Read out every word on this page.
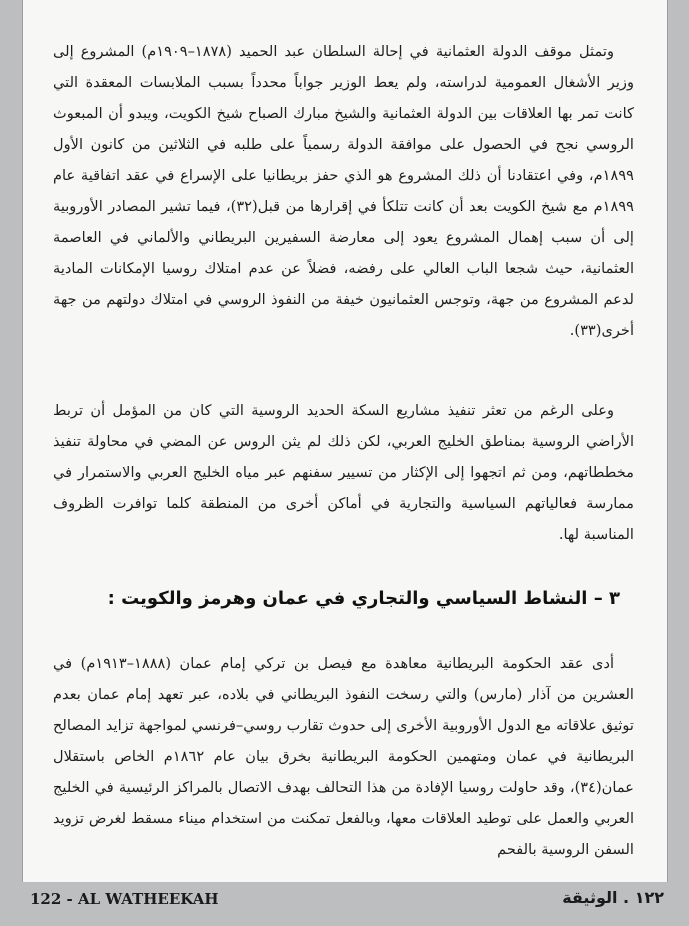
وتمثل موقف الدولة العثمانية في إحالة السلطان عبد الحميد (١٨٧٨–١٩٠٩م) المشروع إلى وزير الأشغال العمومية لدراسته، ولم يعط الوزير جواباً محدداً بسبب الملابسات المعقدة التي كانت تمر بها العلاقات بين الدولة العثمانية والشيخ مبارك الصباح شيخ الكويت، ويبدو أن المبعوث الروسي نجح في الحصول على موافقة الدولة رسمياً على طلبه في الثلاثين من كانون الأول ١٨٩٩م، وفي اعتقادنا أن ذلك المشروع هو الذي حفز بريطانيا على الإسراع في عقد اتفاقية عام ١٨٩٩م مع شيخ الكويت بعد أن كانت تتلكأ في إقرارها من قبل(٣٢)، فيما تشير المصادر الأوروبية إلى أن سبب إهمال المشروع يعود إلى معارضة السفيرين البريطاني والألماني في العاصمة العثمانية، حيث شجعا الباب العالي على رفضه، فضلاً عن عدم امتلاك روسيا الإمكانات المادية لدعم المشروع من جهة، وتوجس العثمانيون خيفة من النفوذ الروسي في امتلاك دولتهم من جهة أخرى(٣٣).
وعلى الرغم من تعثر تنفيذ مشاريع السكة الحديد الروسية التي كان من المؤمل أن تربط الأراضي الروسية بمناطق الخليج العربي، لكن ذلك لم يثن الروس عن المضي في محاولة تنفيذ مخططاتهم، ومن ثم اتجهوا إلى الإكثار من تسيير سفنهم عبر مياه الخليج العربي والاستمرار في ممارسة فعالياتهم السياسية والتجارية في أماكن أخرى من المنطقة كلما توافرت الظروف المناسبة لها.
٣ – النشاط السياسي والتجاري في عمان وهرمز والكويت :
أدى عقد الحكومة البريطانية معاهدة مع فيصل بن تركي إمام عمان (١٨٨٨–١٩١٣م) في العشرين من آذار (مارس) والتي رسخت النفوذ البريطاني في بلاده، عبر تعهد إمام عمان بعدم توثيق علاقاته مع الدول الأوروبية الأخرى إلى حدوث تقارب روسي–فرنسي لمواجهة تزايد المصالح البريطانية في عمان ومتهمين الحكومة البريطانية بخرق بيان عام ١٨٦٢م الخاص باستقلال عمان(٣٤)، وقد حاولت روسيا الإفادة من هذا التحالف بهدف الاتصال بالمراكز الرئيسية في الخليج العربي والعمل على توطيد العلاقات معها، وبالفعل تمكنت من استخدام ميناء مسقط لغرض تزويد السفن الروسية بالفحم
122 - AL WATHEEKAH	١٢٢ . الوثيقة
